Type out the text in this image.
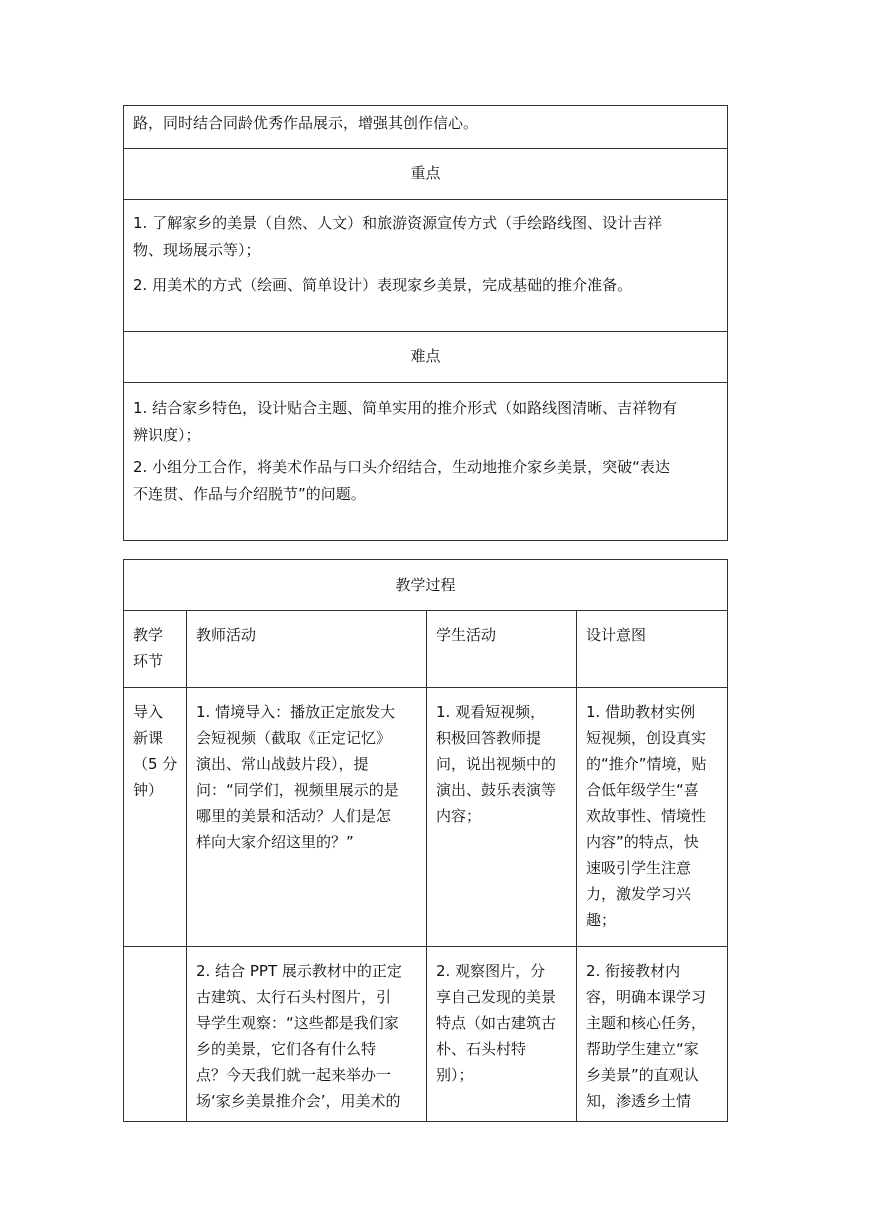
路，同时结合同龄优秀作品展示，增强其创作信心。
重点
1. 了解家乡的美景（自然、人文）和旅游资源宣传方式（手绘路线图、设计吉祥
物、现场展示等）；
2. 用美术的方式（绘画、简单设计）表现家乡美景，完成基础的推介准备。
难点
1. 结合家乡特色，设计贴合主题、简单实用的推介形式（如路线图清晰、吉祥物有
辨识度）；
2. 小组分工合作，将美术作品与口头介绍结合，生动地推介家乡美景，突破“表达
不连贯、作品与介绍脱节”的问题。
教学过程
教学
环节
教师活动	学生活动	设计意图
导入
新课
（5 分
钟）
1. 情境导入：播放正定旅发大
会短视频（截取《正定记忆》
演出、常山战鼓片段），提
问：“同学们，视频里展示的是
哪里的美景和活动？人们是怎
样向大家介绍这里的？”
1. 观看短视频，
积极回答教师提
问，说出视频中的
演出、鼓乐表演等
内容；
1. 借助教材实例
短视频，创设真实
的“推介”情境，贴
合低年级学生“喜
欢故事性、情境性
内容”的特点，快
速吸引学生注意
力，激发学习兴
趣；
2. 结合 PPT 展示教材中的正定
古建筑、太行石头村图片，引
导学生观察：“这些都是我们家
乡的美景，它们各有什么特
点？今天我们就一起来举办一
场‘家乡美景推介会’，用美术的
2. 观察图片，分
享自己发现的美景
特点（如古建筑古
朴、石头村特
别）；
2. 衔接教材内
容，明确本课学习
主题和核心任务，
帮助学生建立“家
乡美景”的直观认
知，渗透乡土情
